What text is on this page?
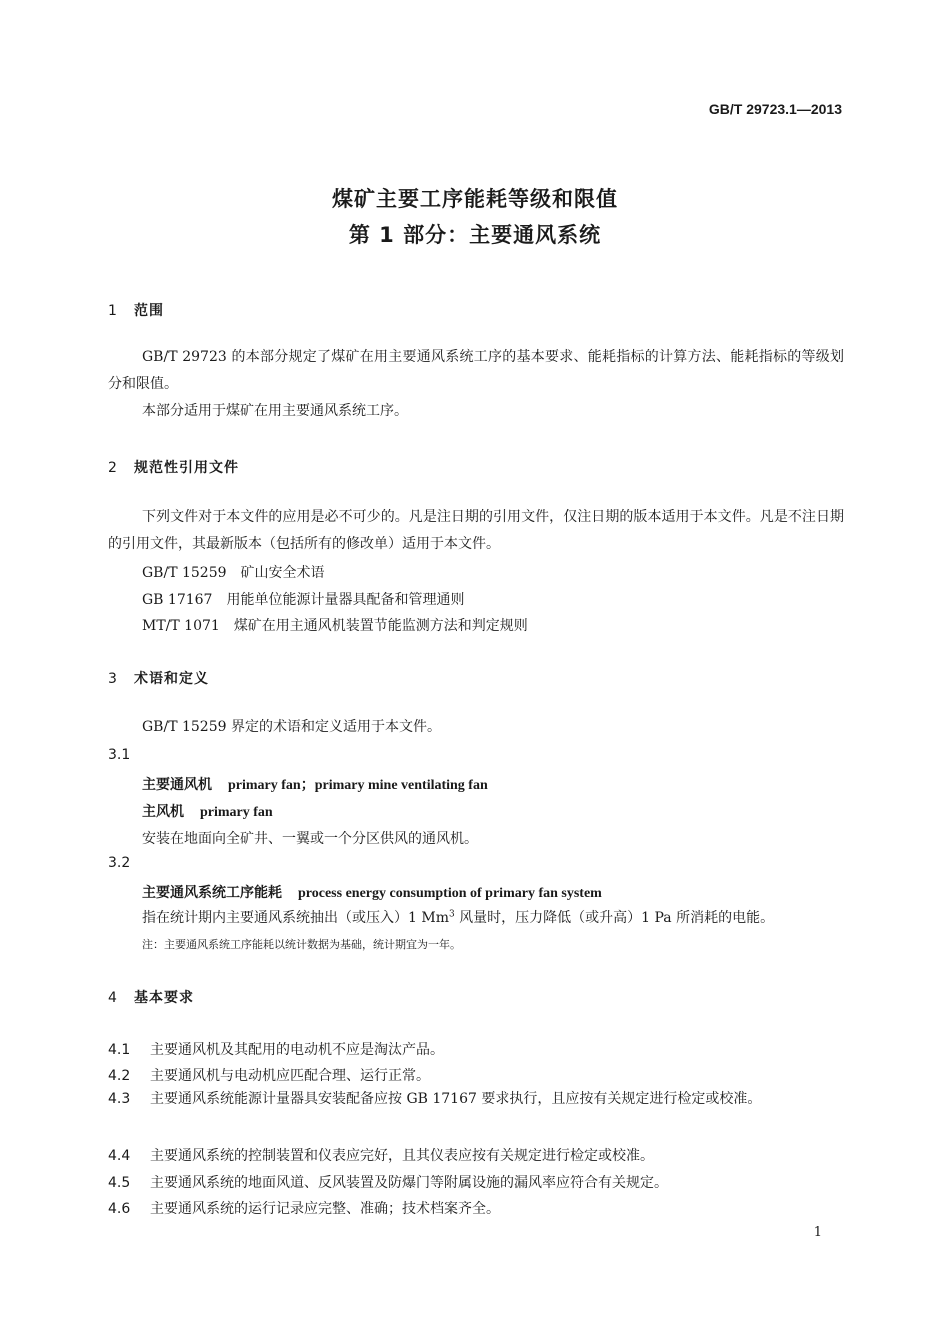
GB/T 29723.1—2013
煤矿主要工序能耗等级和限值
第 1 部分：主要通风系统
1 范围
GB/T 29723 的本部分规定了煤矿在用主要通风系统工序的基本要求、能耗指标的计算方法、能耗指标的等级划分和限值。
本部分适用于煤矿在用主要通风系统工序。
2 规范性引用文件
下列文件对于本文件的应用是必不可少的。凡是注日期的引用文件，仅注日期的版本适用于本文件。凡是不注日期的引用文件，其最新版本（包括所有的修改单）适用于本文件。
GB/T 15259 矿山安全术语
GB 17167 用能单位能源计量器具配备和管理通则
MT/T 1071 煤矿在用主通风机装置节能监测方法和判定规则
3 术语和定义
GB/T 15259 界定的术语和定义适用于本文件。
3.1
主要通风机 primary fan；primary mine ventilating fan
主风机 primary fan
安装在地面向全矿井、一翼或一个分区供风的通风机。
3.2
主要通风系统工序能耗 process energy consumption of primary fan system
指在统计期内主要通风系统抽出（或压入）1 Mm$^3$ 风量时，压力降低（或升高）1 Pa 所消耗的电能。
注：主要通风系统工序能耗以统计数据为基础，统计期宜为一年。
4 基本要求
4.1 主要通风机及其配用的电动机不应是淘汰产品。
4.2 主要通风机与电动机应匹配合理、运行正常。
4.3 主要通风系统能源计量器具安装配备应按 GB 17167 要求执行，且应按有关规定进行检定或校准。
4.4 主要通风系统的控制装置和仪表应完好，且其仪表应按有关规定进行检定或校准。
4.5 主要通风系统的地面风道、反风装置及防爆门等附属设施的漏风率应符合有关规定。
4.6 主要通风系统的运行记录应完整、准确；技术档案齐全。
1
